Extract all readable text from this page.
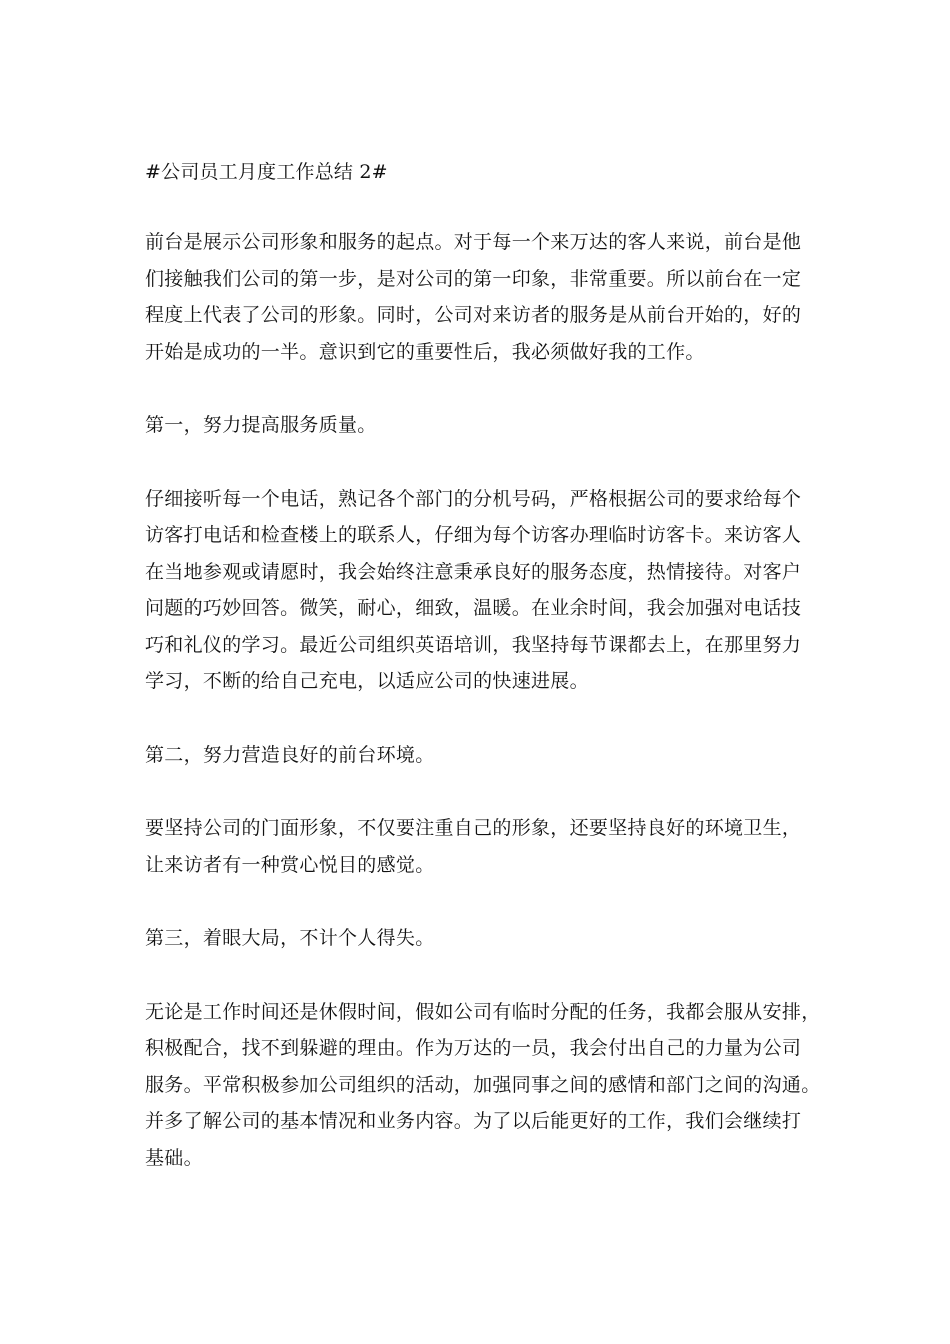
#公司员工月度工作总结 2#

前台是展示公司形象和服务的起点。对于每一个来万达的客人来说，前台是他
们接触我们公司的第一步，是对公司的第一印象，非常重要。所以前台在一定
程度上代表了公司的形象。同时，公司对来访者的服务是从前台开始的，好的
开始是成功的一半。意识到它的重要性后，我必须做好我的工作。

第一，努力提高服务质量。

仔细接听每一个电话，熟记各个部门的分机号码，严格根据公司的要求给每个
访客打电话和检查楼上的联系人，仔细为每个访客办理临时访客卡。来访客人
在当地参观或请愿时，我会始终注意秉承良好的服务态度，热情接待。对客户
问题的巧妙回答。微笑，耐心，细致，温暖。在业余时间，我会加强对电话技
巧和礼仪的学习。最近公司组织英语培训，我坚持每节课都去上，在那里努力
学习，不断的给自己充电，以适应公司的快速进展。

第二，努力营造良好的前台环境。

要坚持公司的门面形象，不仅要注重自己的形象，还要坚持良好的环境卫生，
让来访者有一种赏心悦目的感觉。

第三，着眼大局，不计个人得失。

无论是工作时间还是休假时间，假如公司有临时分配的任务，我都会服从安排，
积极配合，找不到躲避的理由。作为万达的一员，我会付出自己的力量为公司
服务。平常积极参加公司组织的活动，加强同事之间的感情和部门之间的沟通。
并多了解公司的基本情况和业务内容。为了以后能更好的工作，我们会继续打
基础。
